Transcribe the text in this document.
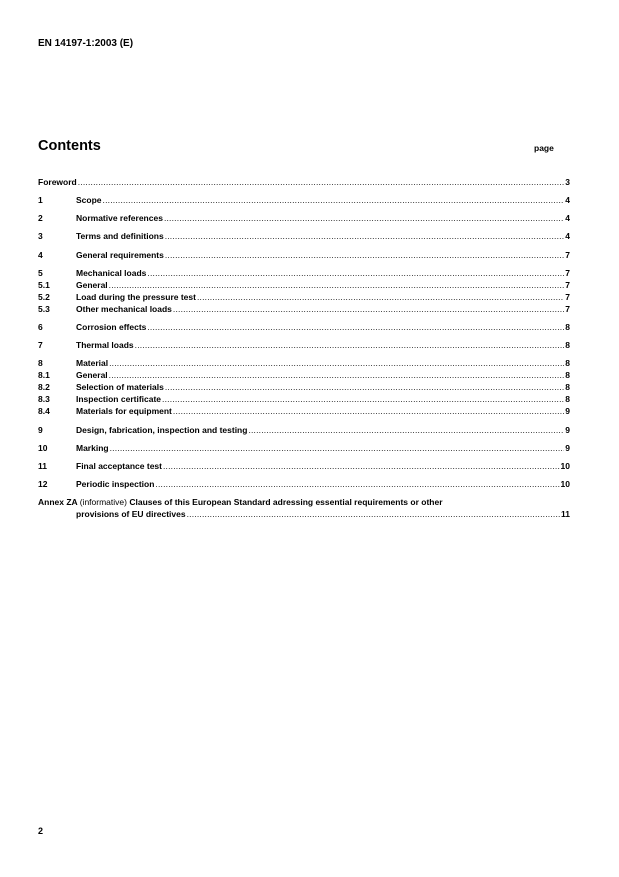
EN 14197-1:2003 (E)
Contents	page
Foreword .....	3
1	Scope .....	4
2	Normative references .....	4
3	Terms and definitions .....	4
4	General requirements .....	7
5	Mechanical loads .....	7
5.1	General .....	7
5.2	Load during the pressure test .....	7
5.3	Other mechanical loads .....	7
6	Corrosion effects .....	8
7	Thermal loads .....	8
8	Material .....	8
8.1	General .....	8
8.2	Selection of materials .....	8
8.3	Inspection certificate .....	8
8.4	Materials for equipment .....	9
9	Design, fabrication, inspection and testing .....	9
10	Marking .....	9
11	Final acceptance test .....	10
12	Periodic inspection .....	10
Annex ZA (informative) Clauses of this European Standard adressing essential requirements or other
provisions of EU directives .....	11
2
